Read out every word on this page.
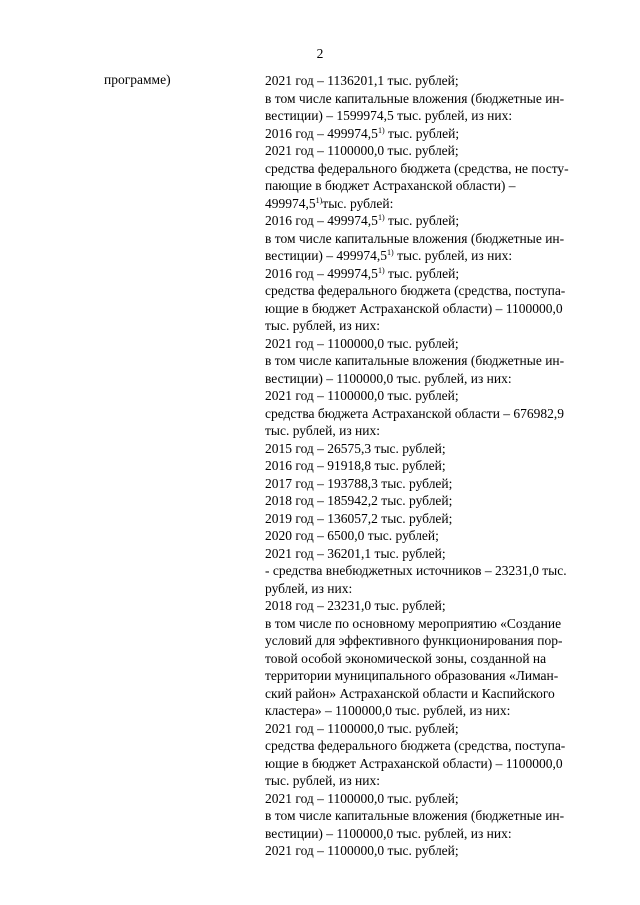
2
программе)	2021 год – 1136201,1 тыс. рублей;
в том числе капитальные вложения (бюджетные ин-
вестиции) – 1599974,5 тыс. рублей, из них:
2016 год – 499974,5$^{1)}$ тыс. рублей;
2021 год – 1100000,0 тыс. рублей;
средства федерального бюджета (средства, не посту-
пающие в бюджет Астраханской области) –
499974,5$^{1)}$тыс. рублей:
2016 год – 499974,5$^{1)}$ тыс. рублей;
в том числе капитальные вложения (бюджетные ин-
вестиции) – 499974,5$^{1)}$ тыс. рублей, из них:
2016 год – 499974,5$^{1)}$ тыс. рублей;
средства федерального бюджета (средства, поступа-
ющие в бюджет Астраханской области) – 1100000,0
тыс. рублей, из них:
2021 год – 1100000,0 тыс. рублей;
в том числе капитальные вложения (бюджетные ин-
вестиции) – 1100000,0 тыс. рублей, из них:
2021 год – 1100000,0 тыс. рублей;
средства бюджета Астраханской области – 676982,9
тыс. рублей, из них:
2015 год – 26575,3 тыс. рублей;
2016 год – 91918,8 тыс. рублей;
2017 год – 193788,3 тыс. рублей;
2018 год – 185942,2 тыс. рублей;
2019 год – 136057,2 тыс. рублей;
2020 год – 6500,0 тыс. рублей;
2021 год – 36201,1 тыс. рублей;
- средства внебюджетных источников – 23231,0 тыс.
рублей, из них:
2018 год – 23231,0 тыс. рублей;
в том числе по основному мероприятию «Создание
условий для эффективного функционирования пор-
товой особой экономической зоны, созданной на
территории муниципального образования «Лиман-
ский район» Астраханской области и Каспийского
кластера» – 1100000,0 тыс. рублей, из них:
2021 год – 1100000,0 тыс. рублей;
средства федерального бюджета (средства, поступа-
ющие в бюджет Астраханской области) – 1100000,0
тыс. рублей, из них:
2021 год – 1100000,0 тыс. рублей;
в том числе капитальные вложения (бюджетные ин-
вестиции) – 1100000,0 тыс. рублей, из них:
2021 год – 1100000,0 тыс. рублей;
